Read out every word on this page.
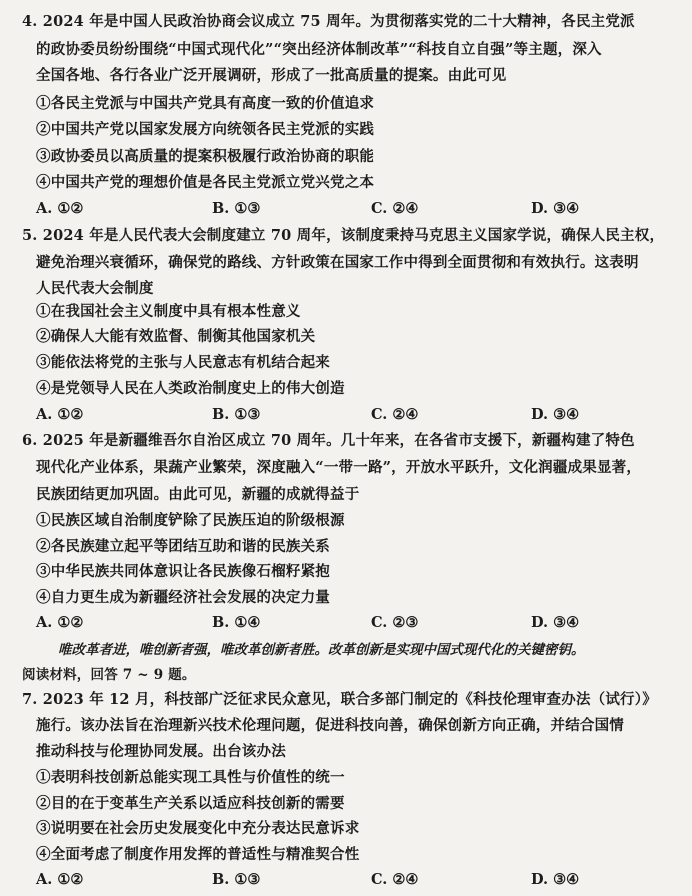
4. 2024 年是中国人民政治协商会议成立 75 周年。为贯彻落实党的二十大精神，各民主党派
的政协委员纷纷围绕“中国式现代化”“突出经济体制改革”“科技自立自强”等主题，深入
全国各地、各行各业广泛开展调研，形成了一批高质量的提案。由此可见
①各民主党派与中国共产党具有高度一致的价值追求
②中国共产党以国家发展方向统领各民主党派的实践
③政协委员以高质量的提案积极履行政治协商的职能
④中国共产党的理想价值是各民主党派立党兴党之本
A. ①②	B. ①③	C. ②④	D. ③④
5. 2024 年是人民代表大会制度建立 70 周年，该制度秉持马克思主义国家学说，确保人民主权，
避免治理兴衰循环，确保党的路线、方针政策在国家工作中得到全面贯彻和有效执行。这表明
人民代表大会制度
①在我国社会主义制度中具有根本性意义
②确保人大能有效监督、制衡其他国家机关
③能依法将党的主张与人民意志有机结合起来
④是党领导人民在人类政治制度史上的伟大创造
A. ①②	B. ①③	C. ②④	D. ③④
6. 2025 年是新疆维吾尔自治区成立 70 周年。几十年来，在各省市支援下，新疆构建了特色
现代化产业体系，果蔬产业繁荣，深度融入“一带一路”，开放水平跃升，文化润疆成果显著，
民族团结更加巩固。由此可见，新疆的成就得益于
①民族区域自治制度铲除了民族压迫的阶级根源
②各民族建立起平等团结互助和谐的民族关系
③中华民族共同体意识让各民族像石榴籽紧抱
④自力更生成为新疆经济社会发展的决定力量
A. ①②	B. ①④	C. ②③	D. ③④
唯改革者进，唯创新者强，唯改革创新者胜。改革创新是实现中国式现代化的关键密钥。
阅读材料，回答 7 ~ 9 题。
7. 2023 年 12 月，科技部广泛征求民众意见，联合多部门制定的《科技伦理审查办法（试行）》
施行。该办法旨在治理新兴技术伦理问题，促进科技向善，确保创新方向正确，并结合国情
推动科技与伦理协同发展。出台该办法
①表明科技创新总能实现工具性与价值性的统一
②目的在于变革生产关系以适应科技创新的需要
③说明要在社会历史发展变化中充分表达民意诉求
④全面考虑了制度作用发挥的普适性与精准契合性
A. ①②	B. ①③	C. ②④	D. ③④
